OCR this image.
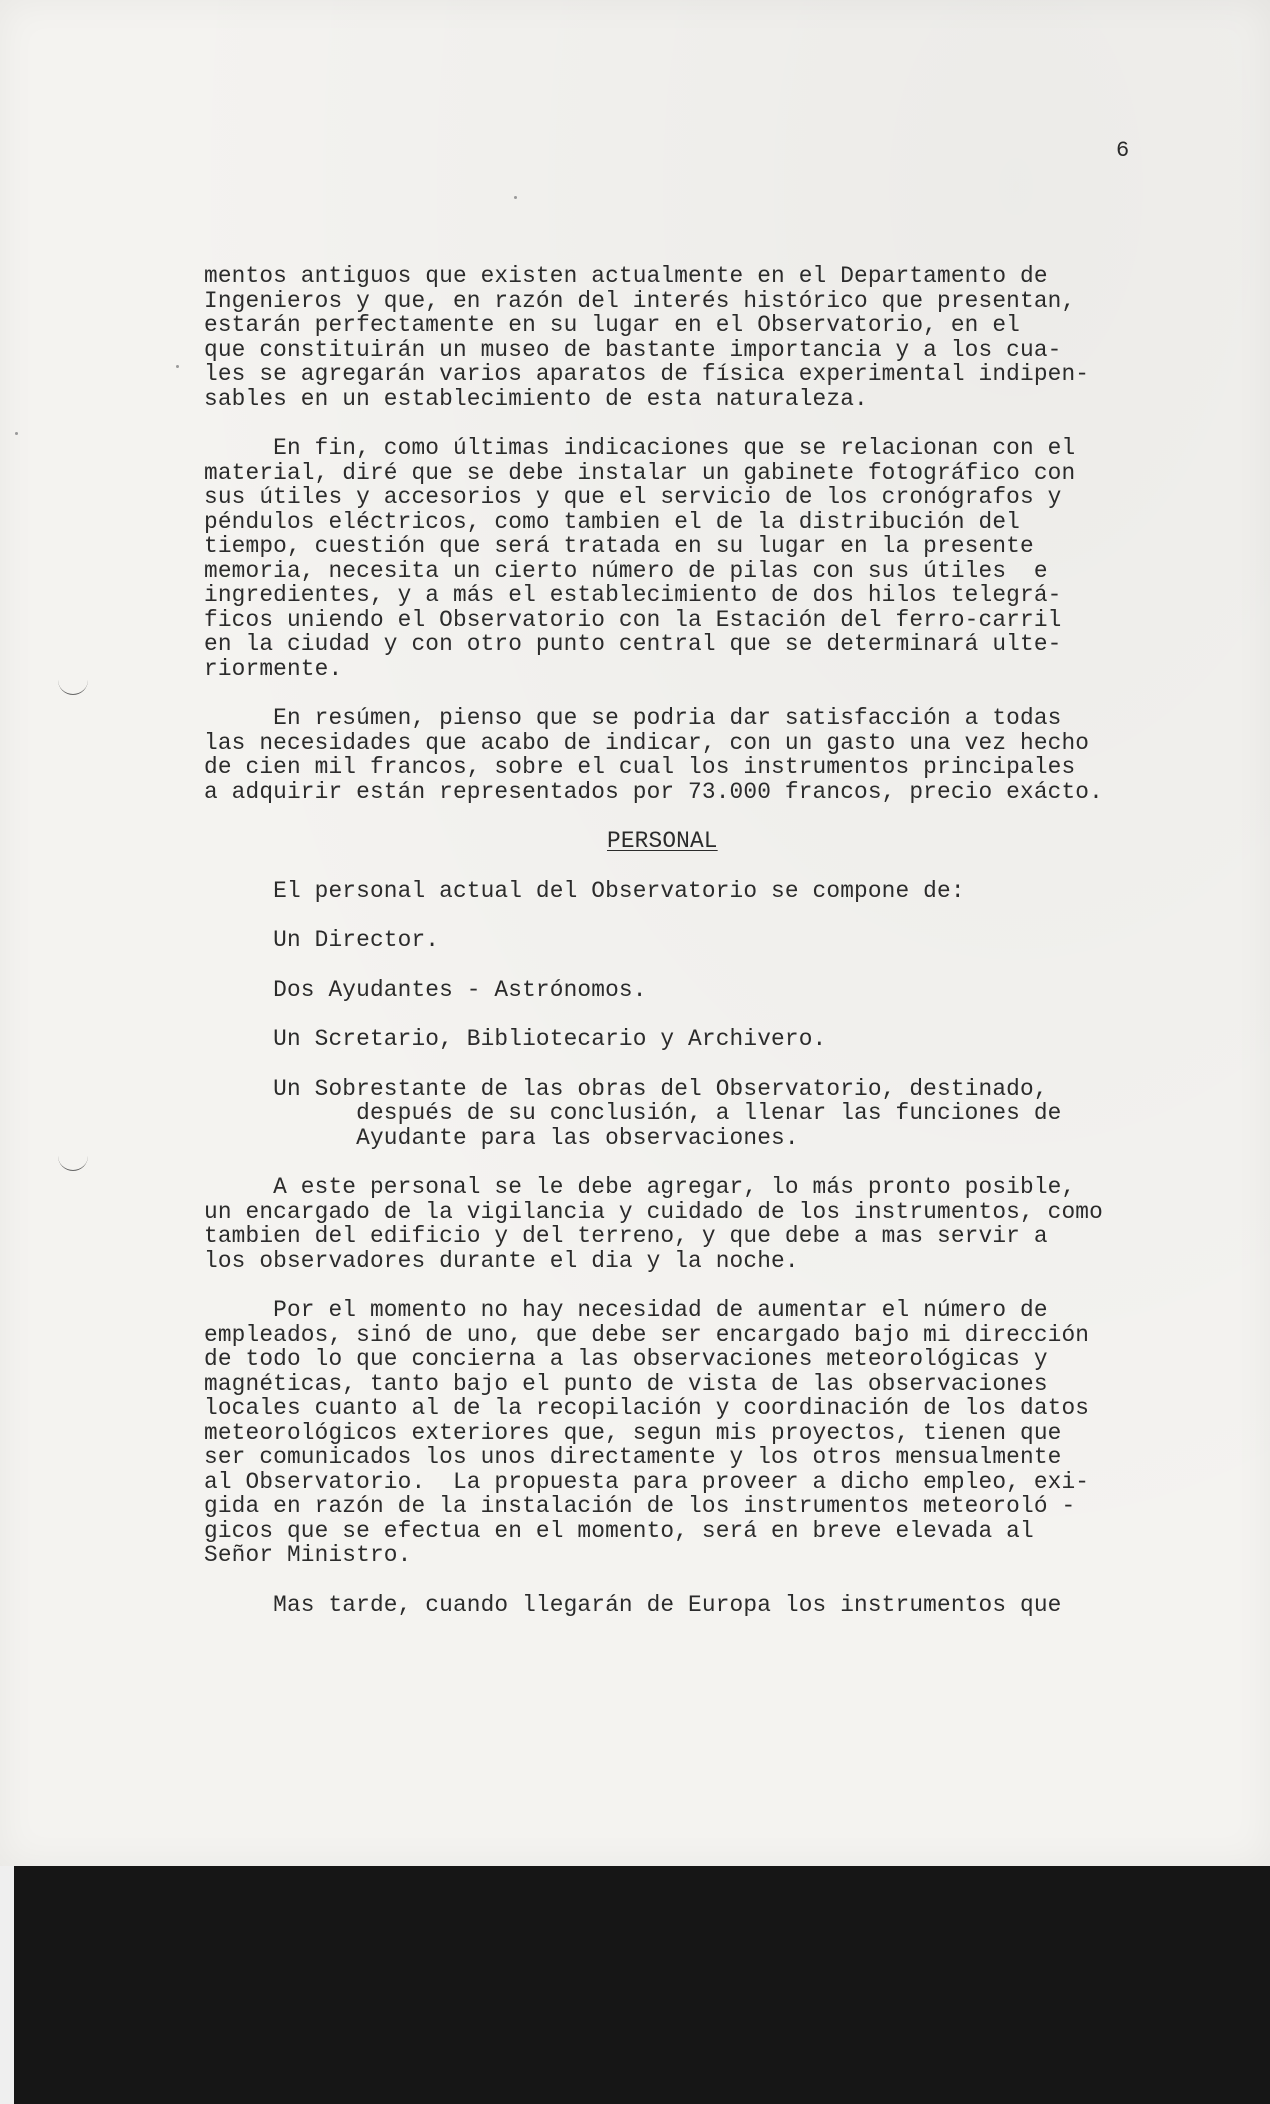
6
mentos antiguos que existen actualmente en el Departamento de
Ingenieros y que, en razón del interés histórico que presentan,
estarán perfectamente en su lugar en el Observatorio, en el
que constituirán un museo de bastante importancia y a los cua-
les se agregarán varios aparatos de física experimental indipen-
sables en un establecimiento de esta naturaleza.
En fin, como últimas indicaciones que se relacionan con el
material, diré que se debe instalar un gabinete fotográfico con
sus útiles y accesorios y que el servicio de los cronógrafos y
péndulos eléctricos, como tambien el de la distribución del
tiempo, cuestión que será tratada en su lugar en la presente
memoria, necesita un cierto número de pilas con sus útiles  e
ingredientes, y a más el establecimiento de dos hilos telegrá-
ficos uniendo el Observatorio con la Estación del ferro-carril
en la ciudad y con otro punto central que se determinará ulte-
riormente.
En resúmen, pienso que se podria dar satisfacción a todas
las necesidades que acabo de indicar, con un gasto una vez hecho
de cien mil francos, sobre el cual los instrumentos principales
a adquirir están representados por 73.000 francos, precio exácto.
PERSONAL
El personal actual del Observatorio se compone de:
Un Director.
Dos Ayudantes - Astrónomos.
Un Scretario, Bibliotecario y Archivero.
Un Sobrestante de las obras del Observatorio, destinado,
después de su conclusión, a llenar las funciones de
Ayudante para las observaciones.
A este personal se le debe agregar, lo más pronto posible,
un encargado de la vigilancia y cuidado de los instrumentos, como
tambien del edificio y del terreno, y que debe a mas servir a
los observadores durante el dia y la noche.
Por el momento no hay necesidad de aumentar el número de
empleados, sinó de uno, que debe ser encargado bajo mi dirección
de todo lo que concierna a las observaciones meteorológicas y
magnéticas, tanto bajo el punto de vista de las observaciones
locales cuanto al de la recopilación y coordinación de los datos
meteorológicos exteriores que, segun mis proyectos, tienen que
ser comunicados los unos directamente y los otros mensualmente
al Observatorio.  La propuesta para proveer a dicho empleo, exi-
gida en razón de la instalación de los instrumentos meteoroló -
gicos que se efectua en el momento, será en breve elevada al
Señor Ministro.
Mas tarde, cuando llegarán de Europa los instrumentos que
